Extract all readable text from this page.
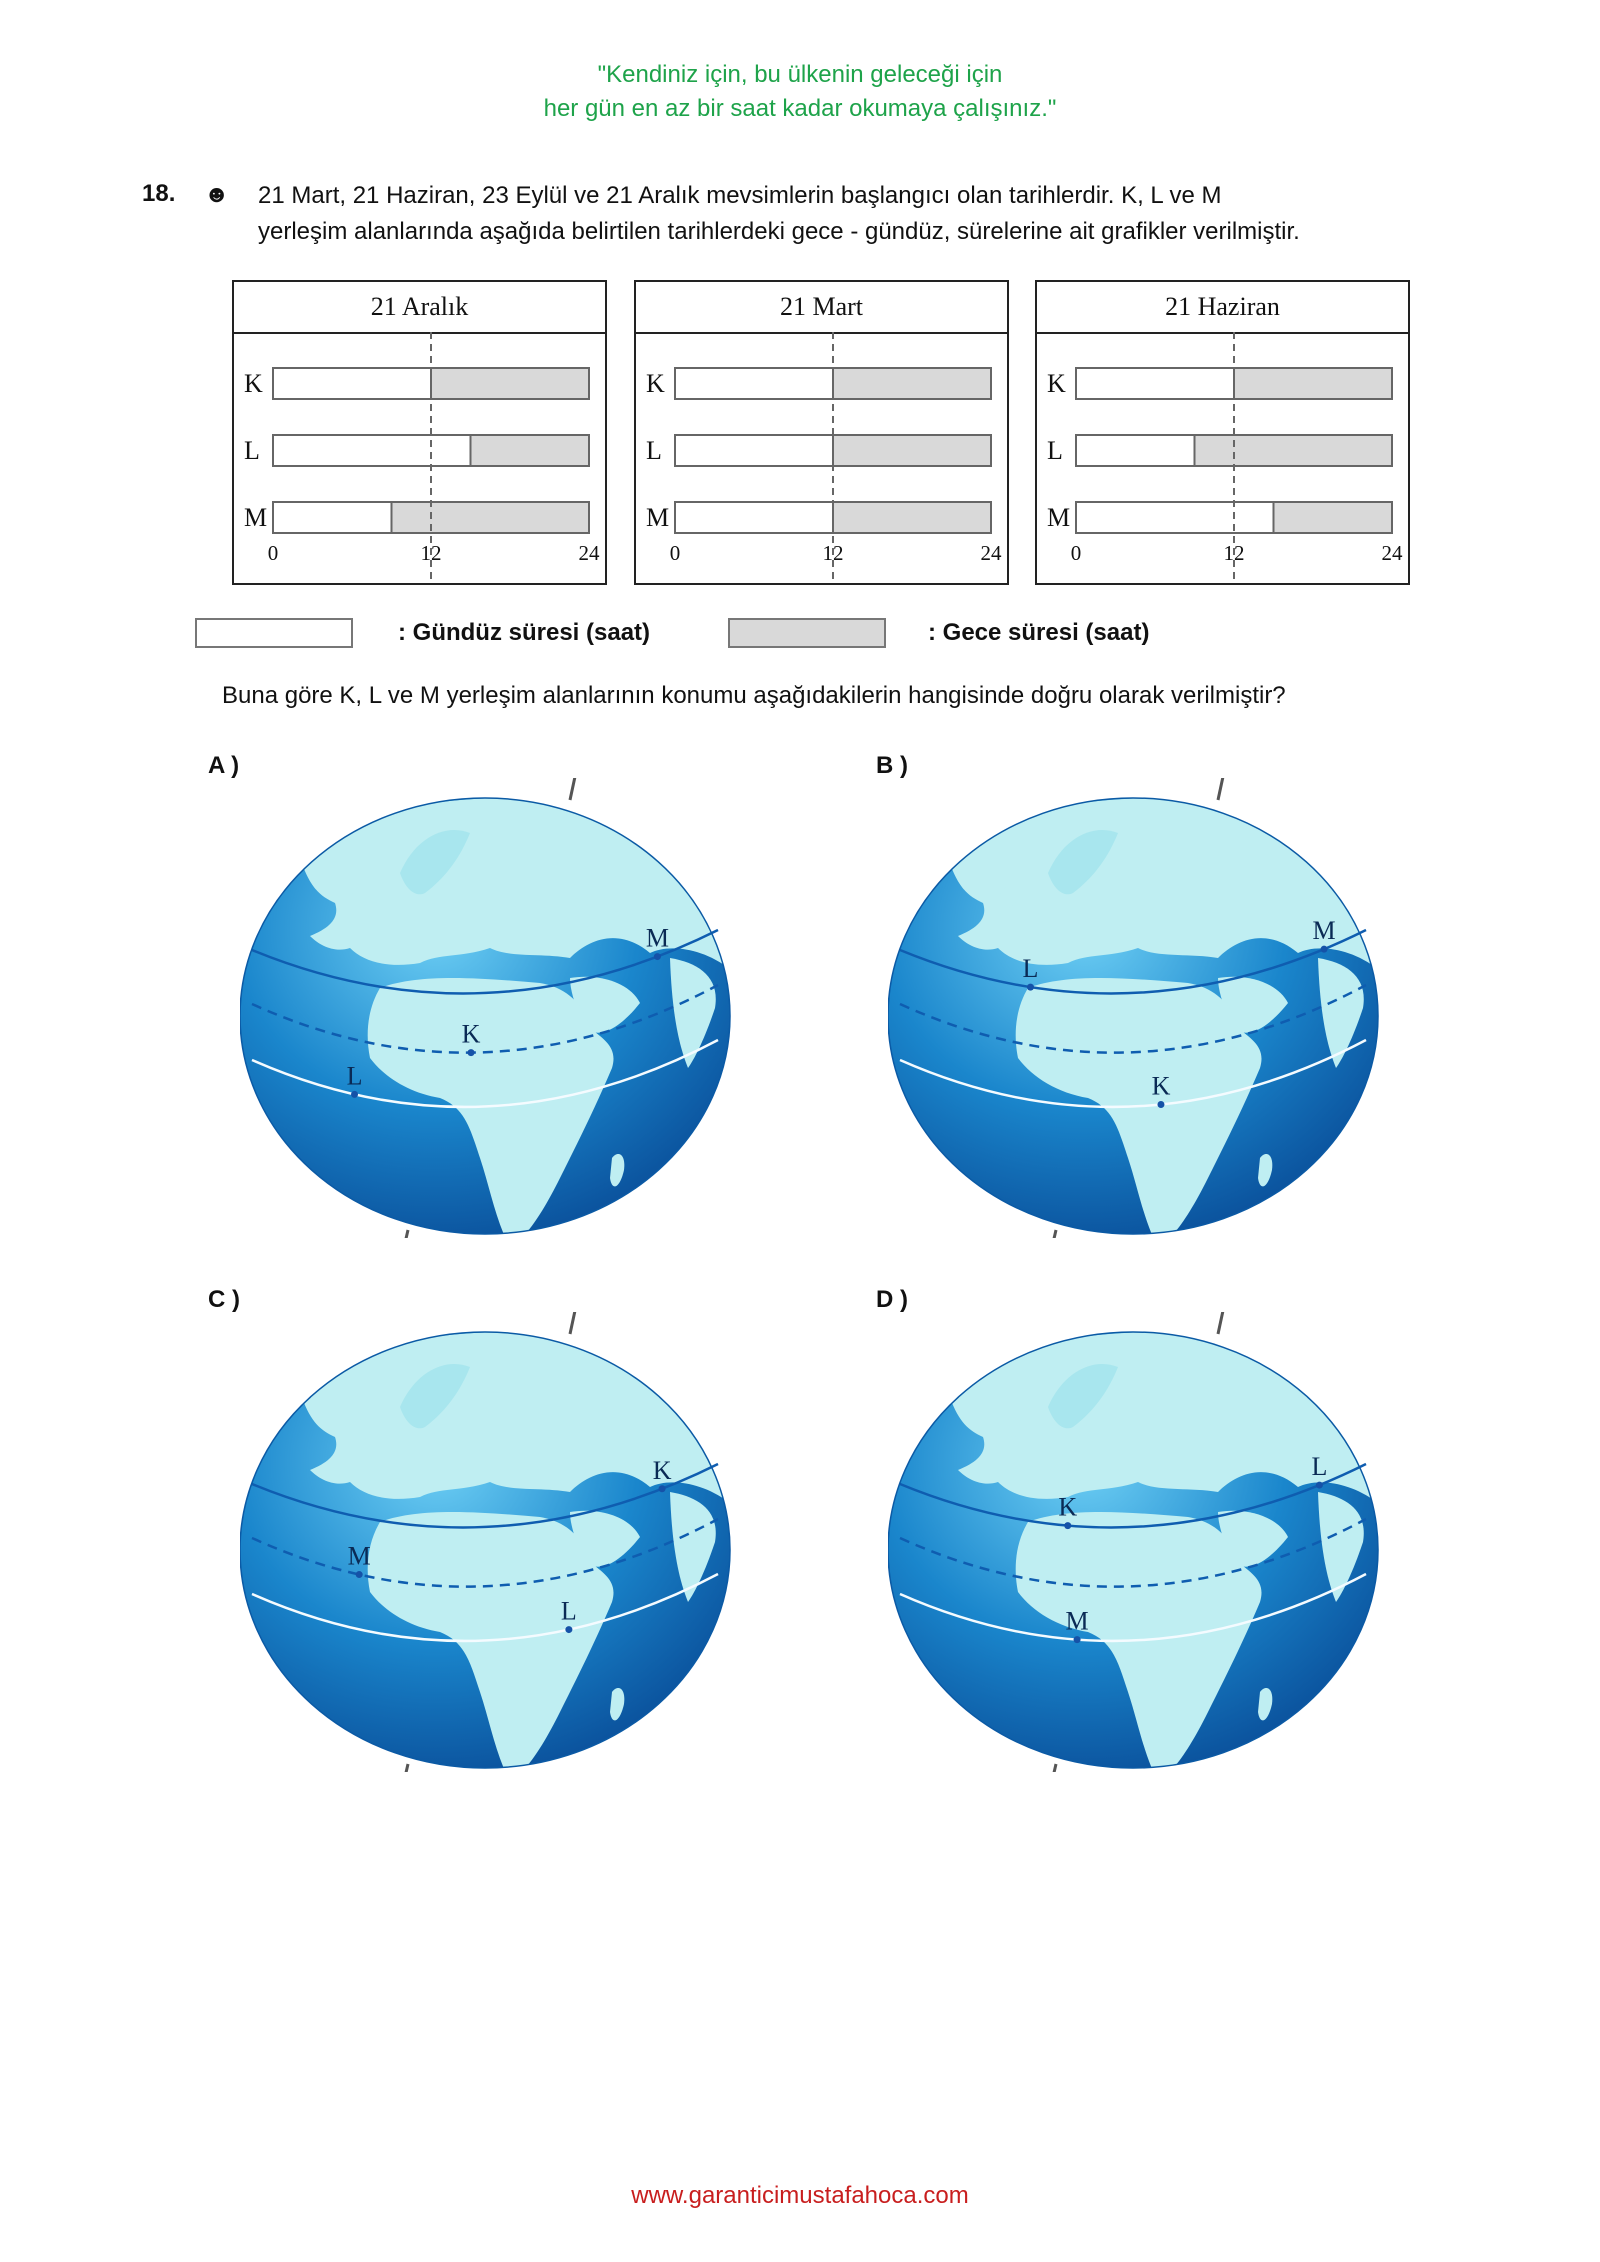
"Kendiniz için, bu ülkenin geleceği için
her gün en az bir saat kadar okumaya çalışınız."
18. ☻ 21 Mart, 21 Haziran, 23 Eylül ve 21 Aralık mevsimlerin başlangıcı olan tarihlerdir. K, L ve M
yerleşim alanlarında aşağıda belirtilen tarihlerdeki gece - gündüz, sürelerine ait grafikler verilmiştir.
21 Aralık
K
L
M
0	12	24
21 Mart
K
L
M
0	12	24
21 Haziran
K
L
M
0	12	24
: Gündüz süresi (saat)	: Gece süresi (saat)
Buna göre K, L ve M yerleşim alanlarının konumu aşağıdakilerin hangisinde doğru olarak verilmiştir?
A )	B )
C )	D )
M
K
L
L
M
K
K
M
L
K
L
M
www.garanticimustafahoca.com
